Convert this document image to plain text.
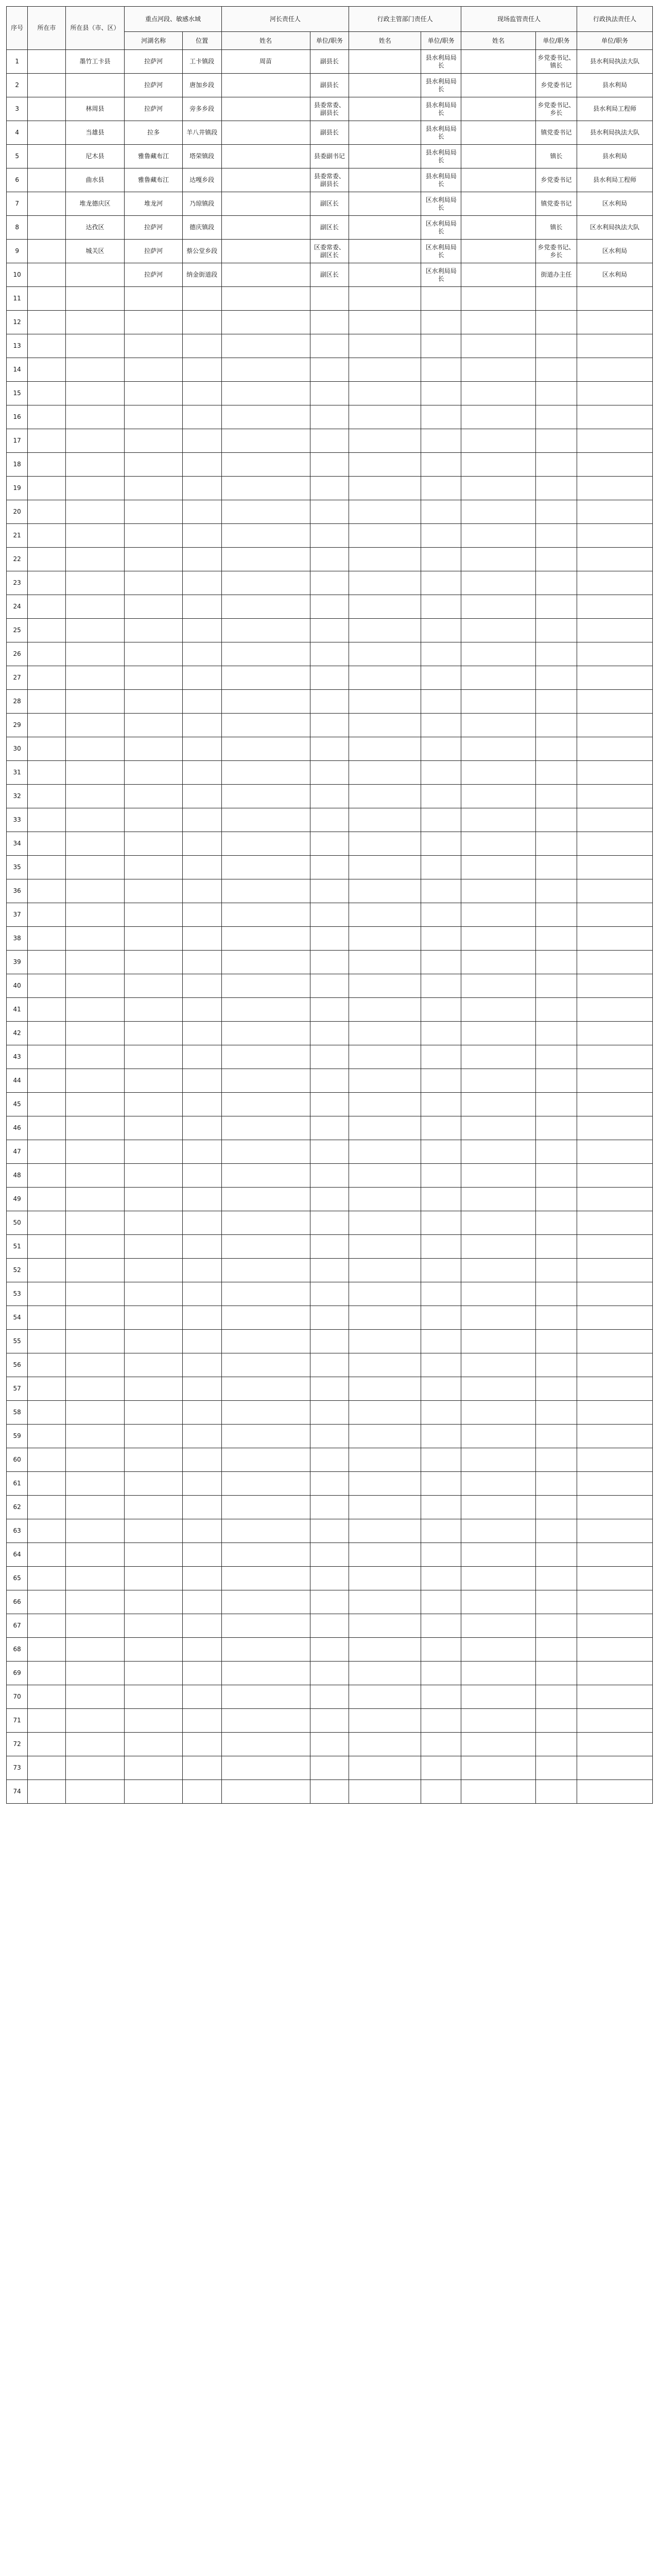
序号	所在市	所在县（市、区）	重点河段、敏感水域		河长责任人		行政主管部门责任人		现场监管责任人		行政执法责任人
			河湖名称	位置	姓名	单位/职务	姓名	单位/职务	姓名	单位/职务	单位/职务
1		墨竹工卡县	拉萨河	工卡镇段	周苗	副县长		县水利局局长		乡党委书记、镇长	县水利局执法大队
2			拉萨河	唐加乡段		副县长		县水利局局长		乡党委书记	县水利局
3		林周县	拉萨河	旁多乡段		县委常委、副县长		县水利局局长		乡党委书记、乡长	县水利局工程师
4		当雄县	拉多	羊八井镇段		副县长		县水利局局长		镇党委书记	县水利局执法大队
5		尼木县	雅鲁藏布江	塔荣镇段		县委副书记		县水利局局长		镇长	县水利局
6		曲水县	雅鲁藏布江	达嘎乡段		县委常委、副县长		县水利局局长		乡党委书记	县水利局工程师
7		堆龙德庆区	堆龙河	乃琼镇段		副区长		区水利局局长		镇党委书记	区水利局
8		达孜区	拉萨河	德庆镇段		副区长		区水利局局长		镇长	区水利局执法大队
9		城关区	拉萨河	蔡公堂乡段		区委常委、副区长		区水利局局长		乡党委书记、乡长	区水利局
10			拉萨河	纳金街道段		副区长		区水利局局长		街道办主任	区水利局
11											
12											
13											
14											
15											
16											
17											
18											
19											
20											
21											
22											
23											
24											
25											
26											
27											
28											
29											
30											
31											
32											
33											
34											
35											
36											
37											
38											
39											
40											
41											
42											
43											
44											
45											
46											
47											
48											
49											
50											
51											
52											
53											
54											
55											
56											
57											
58											
59											
60											
61											
62											
63											
64											
65											
66											
67											
68											
69											
70											
71											
72											
73											
74											
